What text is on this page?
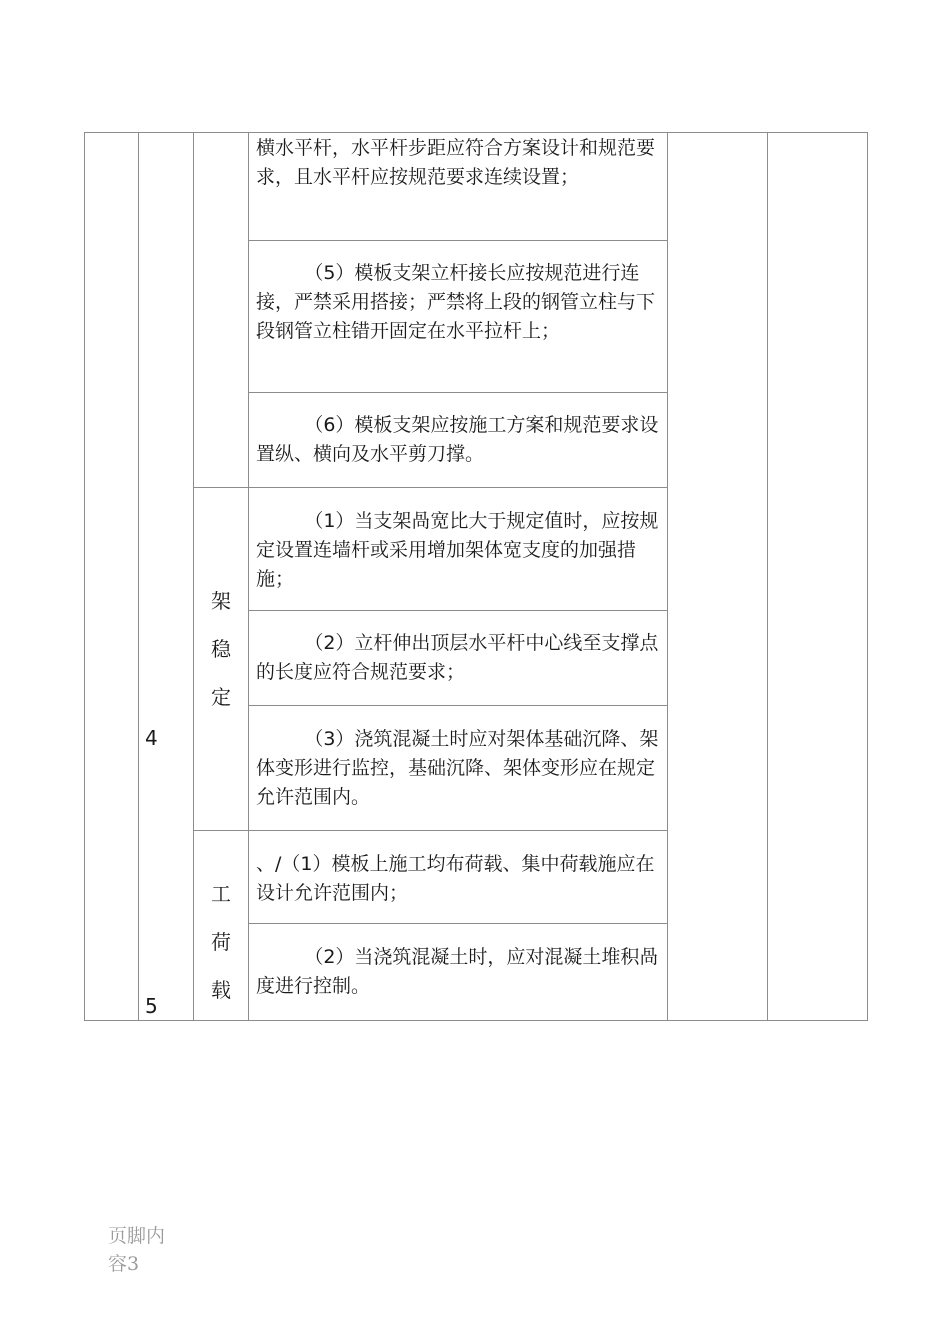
4
5
架
稳
定
工
荷
载
横水平杆，水平杆步距应符合方案设计和规范要求，且水平杆应按规范要求连续设置；
（5）模板支架立杆接长应按规范进行连接，严禁采用搭接；严禁将上段的钢管立柱与下段钢管立柱错开固定在水平拉杆上；
（6）模板支架应按施工方案和规范要求设置纵、横向及水平剪刀撑。
（1）当支架咼宽比大于规定值时，应按规定设置连墙杆或采用增加架体宽支度的加强措施；
（2）立杆伸出顶层水平杆中心线至支撑点的长度应符合规范要求；
（3）浇筑混凝土时应对架体基础沉降、架体变形进行监控，基础沉降、架体变形应在规定允许范围内。
、/（1）模板上施工均布荷载、集中荷载施应在设计允许范围内；
（2）当浇筑混凝土时，应对混凝土堆积咼度进行控制。
页脚内容3
